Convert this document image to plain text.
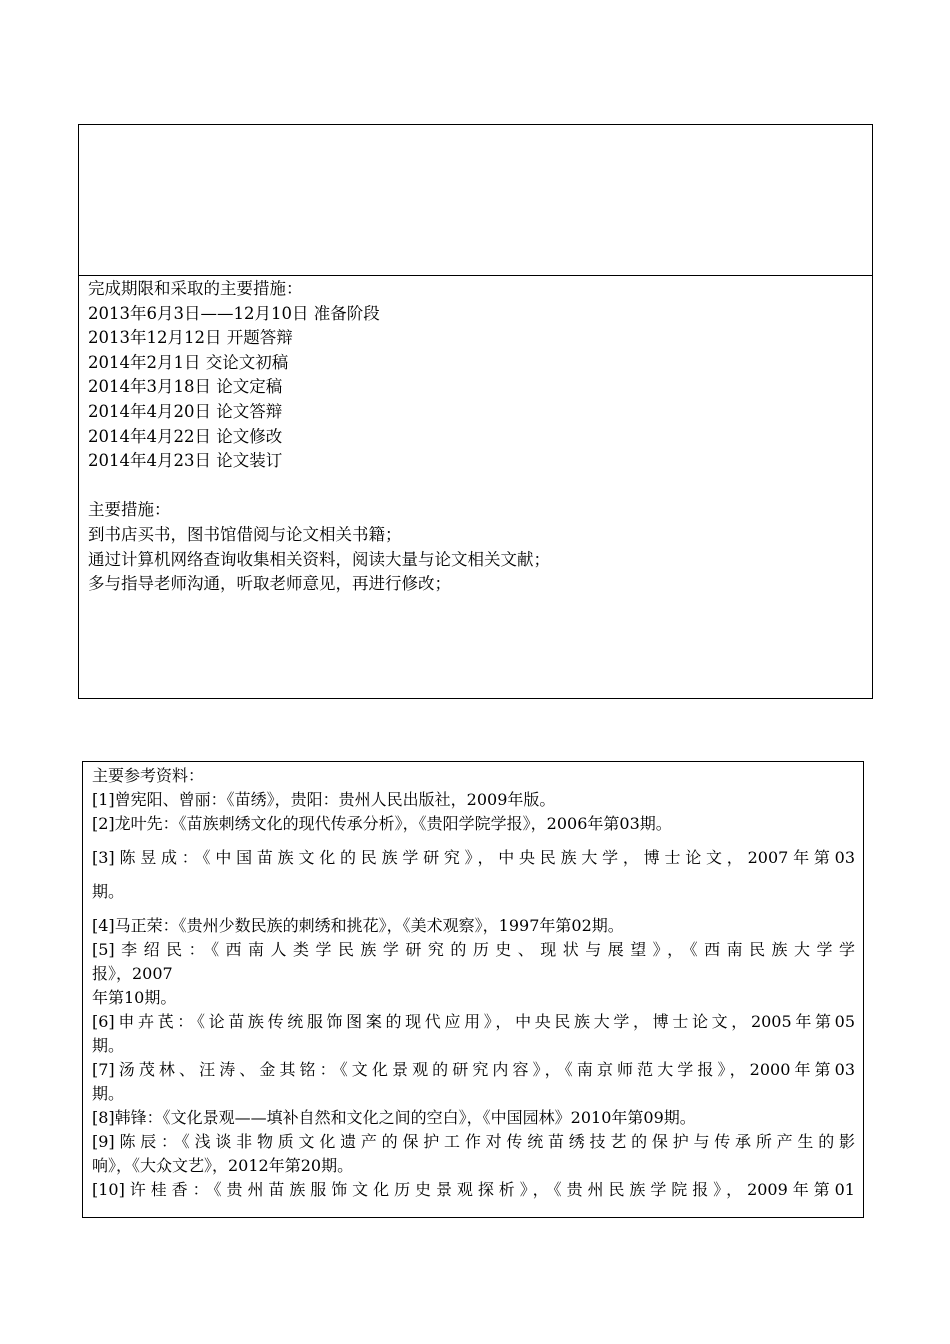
完成期限和采取的主要措施：
2013年6月3日——12月10日 准备阶段
2013年12月12日 开题答辩
2014年2月1日 交论文初稿
2014年3月18日 论文定稿
2014年4月20日 论文答辩
2014年4月22日 论文修改
2014年4月23日 论文装订
主要措施：
到书店买书，图书馆借阅与论文相关书籍；
通过计算机网络查询收集相关资料，阅读大量与论文相关文献；
多与指导老师沟通，听取老师意见，再进行修改；
主要参考资料：
[1]曾宪阳、曾丽：《苗绣》，贵阳：贵州人民出版社，2009年版。
[2]龙叶先：《苗族刺绣文化的现代传承分析》，《贵阳学院学报》，2006年第03期。
[3]陈昱成：《中国苗族文化的民族学研究》，中央民族大学，博士论文，2007年第03
期。
[4]马正荣：《贵州少数民族的刺绣和挑花》，《美术观察》，1997年第02期。
[5]李绍民：《西南人类学民族学研究的历史、现状与展望》，《西南民族大学学
报》，2007
年第10期。
[6]申卉芪：《论苗族传统服饰图案的现代应用》，中央民族大学，博士论文，2005年第05
期。
[7]汤茂林、汪涛、金其铭：《文化景观的研究内容》，《南京师范大学报》，2000年第03
期。
[8]韩锋：《文化景观——填补自然和文化之间的空白》，《中国园林》2010年第09期。
[9]陈辰：《浅谈非物质文化遗产的保护工作对传统苗绣技艺的保护与传承所产生的影
响》，《大众文艺》，2012年第20期。
[10]许桂香：《贵州苗族服饰文化历史景观探析》，《贵州民族学院报》，2009年第01
